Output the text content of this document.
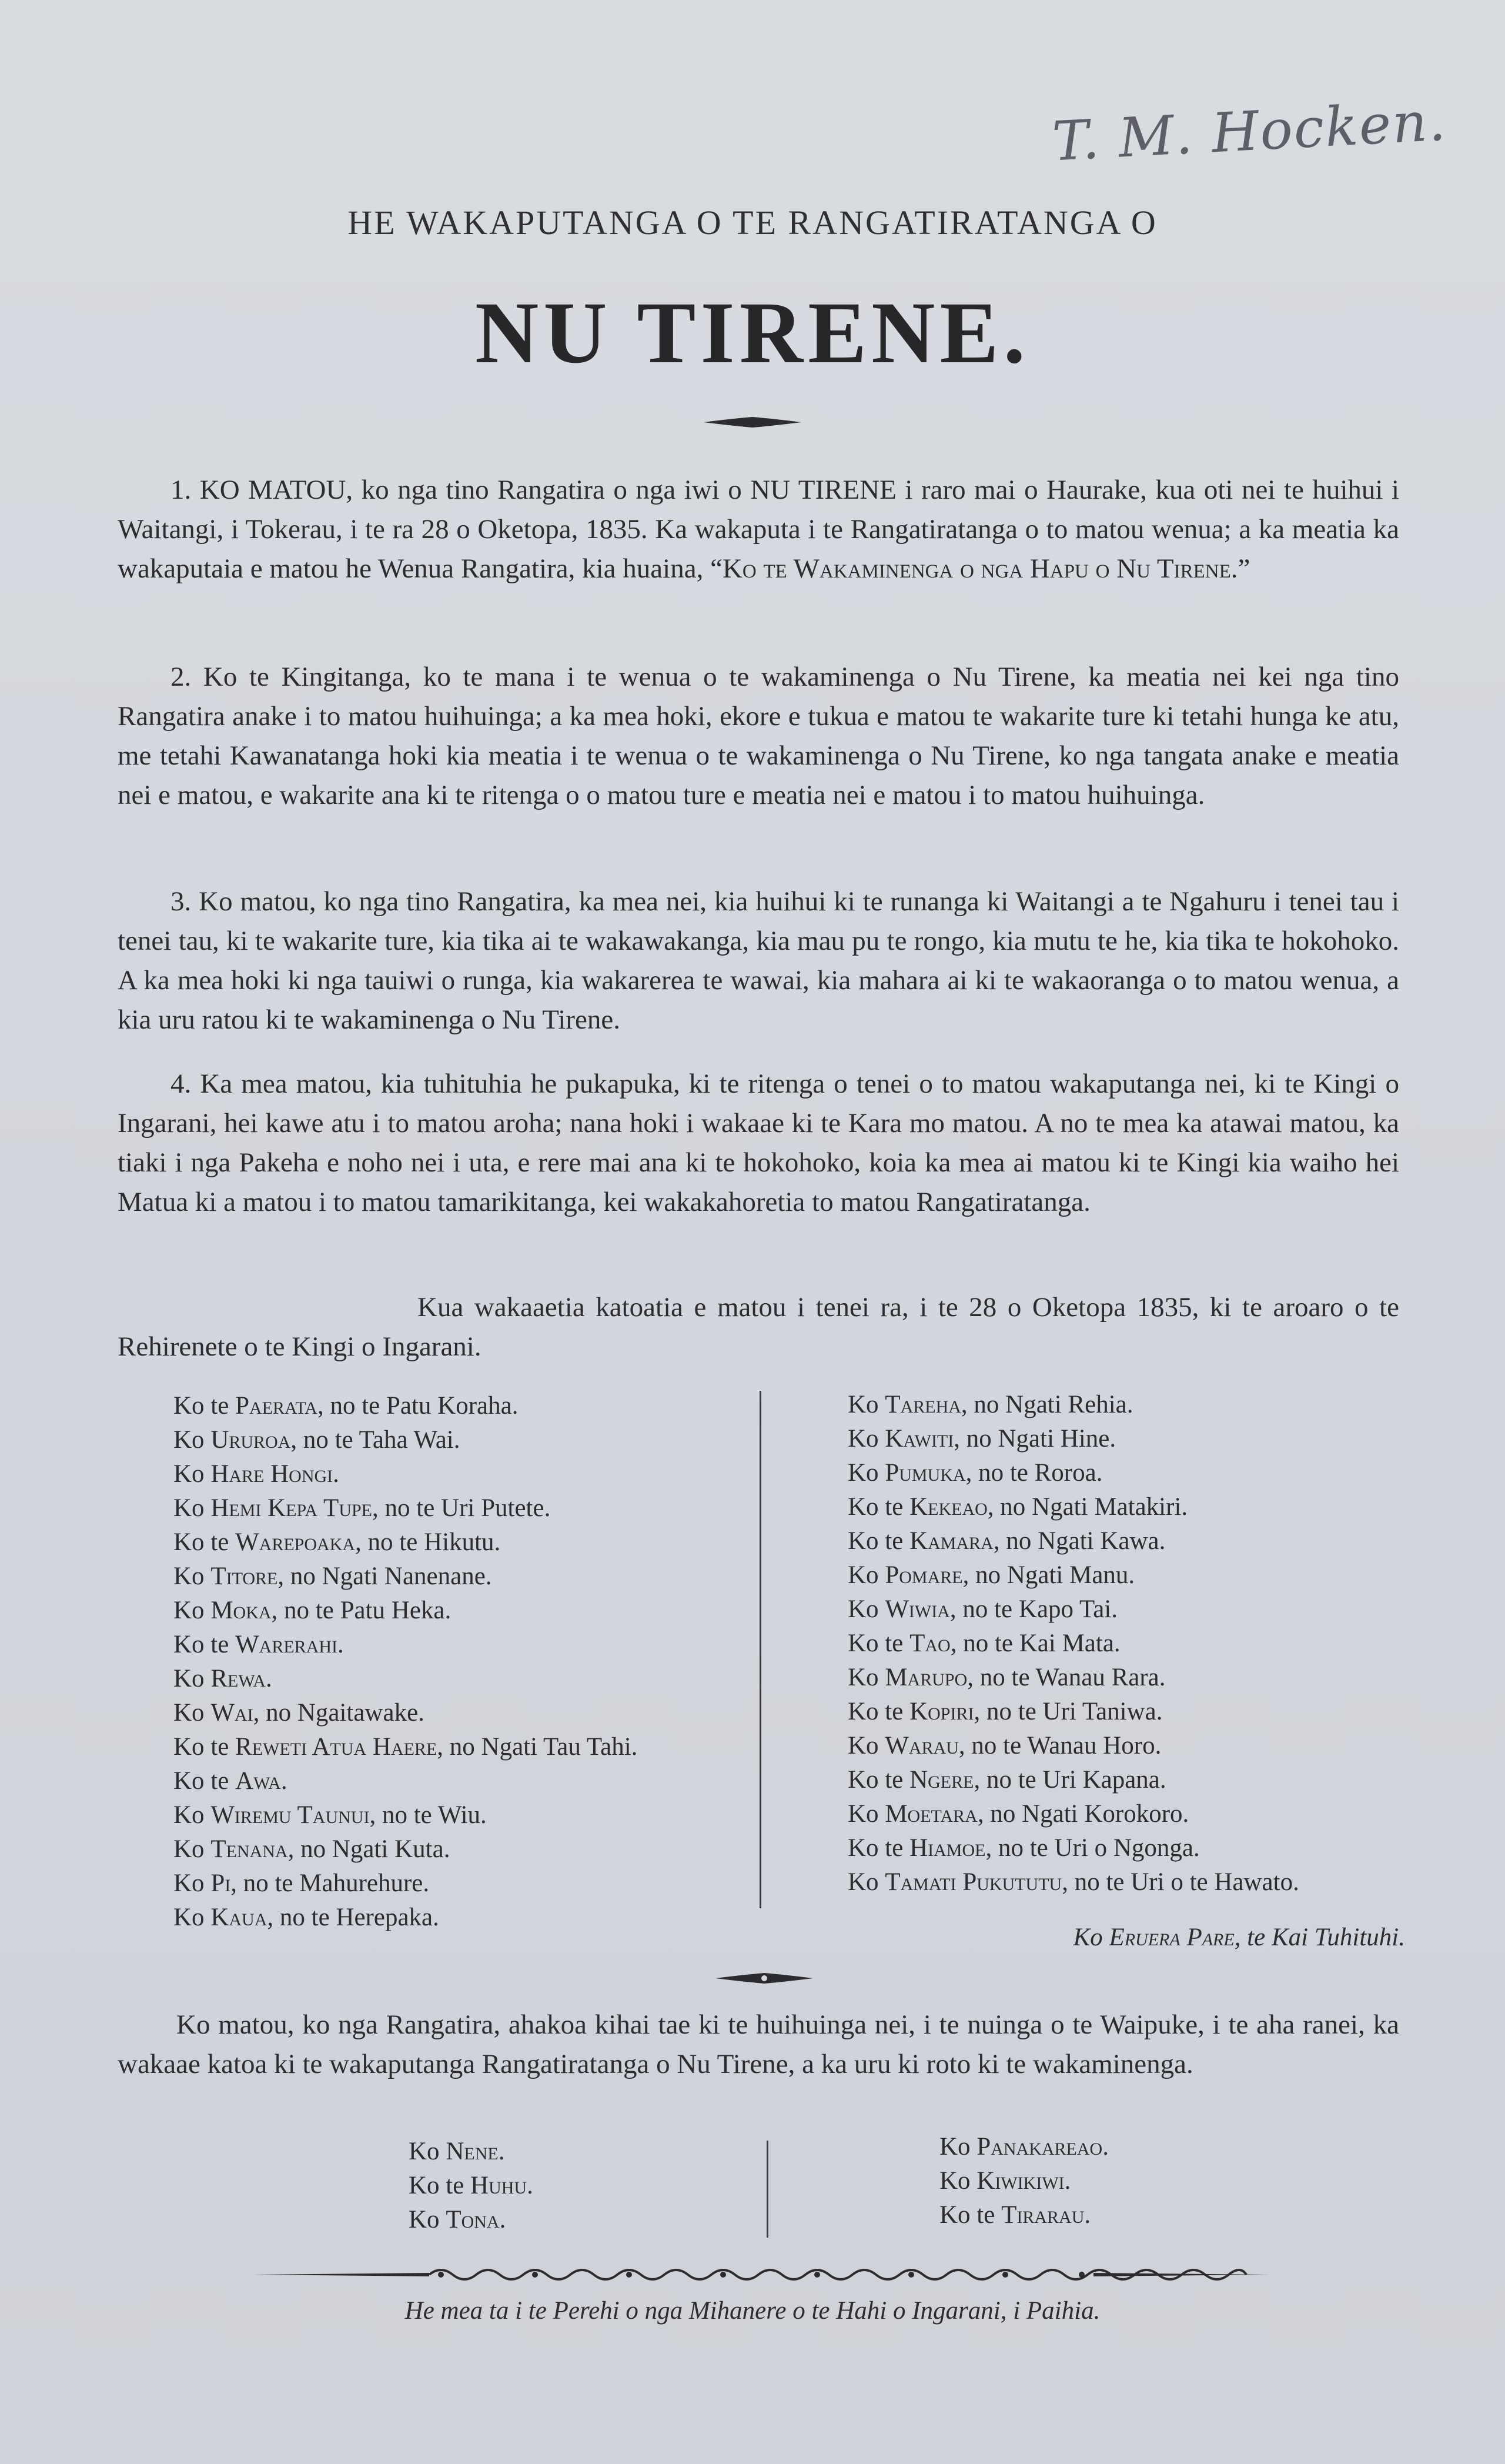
T. M. Hocken.
HE WAKAPUTANGA O TE RANGATIRATANGA O
NU TIRENE.
1. KO MATOU, ko nga tino Rangatira o nga iwi o NU TIRENE i raro mai o Haurake, kua oti nei te huihui i Waitangi, i Tokerau, i te ra 28 o Oketopa, 1835. Ka wakaputa i te Rangatiratanga o to matou wenua; a ka meatia ka wakaputaia e matou he Wenua Rangatira, kia huaina, “Ko te Wakaminenga o nga Hapu o Nu Tirene.”
2. Ko te Kingitanga, ko te mana i te wenua o te wakaminenga o Nu Tirene, ka meatia nei kei nga tino Rangatira anake i to matou huihuinga; a ka mea hoki, ekore e tukua e matou te wakarite ture ki tetahi hunga ke atu, me tetahi Kawanatanga hoki kia meatia i te wenua o te wakaminenga o Nu Tirene, ko nga tangata anake e meatia nei e matou, e wakarite ana ki te ritenga o o matou ture e meatia nei e matou i to matou huihuinga.
3. Ko matou, ko nga tino Rangatira, ka mea nei, kia huihui ki te runanga ki Waitangi a te Ngahuru i tenei tau i tenei tau, ki te wakarite ture, kia tika ai te wakawakanga, kia mau pu te rongo, kia mutu te he, kia tika te hokohoko. A ka mea hoki ki nga tauiwi o runga, kia wakarerea te wawai, kia mahara ai ki te wakaoranga o to matou wenua, a kia uru ratou ki te wakaminenga o Nu Tirene.
4. Ka mea matou, kia tuhituhia he pukapuka, ki te ritenga o tenei o to matou wakaputanga nei, ki te Kingi o Ingarani, hei kawe atu i to matou aroha; nana hoki i wakaae ki te Kara mo matou. A no te mea ka atawai matou, ka tiaki i nga Pakeha e noho nei i uta, e rere mai ana ki te hokohoko, koia ka mea ai matou ki te Kingi kia waiho hei Matua ki a matou i to matou tamarikitanga, kei wakakahoretia to matou Rangatiratanga.
Kua wakaaetia katoatia e matou i tenei ra, i te 28 o Oketopa 1835, ki te aroaro o te Rehirenete o te Kingi o Ingarani.
Ko te Paerata, no te Patu Koraha.
Ko Ururoa, no te Taha Wai.
Ko Hare Hongi.
Ko Hemi Kepa Tupe, no te Uri Putete.
Ko te Warepoaka, no te Hikutu.
Ko Titore, no Ngati Nanenane.
Ko Moka, no te Patu Heka.
Ko te Warerahi.
Ko Rewa.
Ko Wai, no Ngaitawake.
Ko te Reweti Atua Haere, no Ngati Tau Tahi.
Ko te Awa.
Ko Wiremu Taunui, no te Wiu.
Ko Tenana, no Ngati Kuta.
Ko Pi, no te Mahurehure.
Ko Kaua, no te Herepaka.
Ko Tareha, no Ngati Rehia.
Ko Kawiti, no Ngati Hine.
Ko Pumuka, no te Roroa.
Ko te Kekeao, no Ngati Matakiri.
Ko te Kamara, no Ngati Kawa.
Ko Pomare, no Ngati Manu.
Ko Wiwia, no te Kapo Tai.
Ko te Tao, no te Kai Mata.
Ko Marupo, no te Wanau Rara.
Ko te Kopiri, no te Uri Taniwa.
Ko Warau, no te Wanau Horo.
Ko te Ngere, no te Uri Kapana.
Ko Moetara, no Ngati Korokoro.
Ko te Hiamoe, no te Uri o Ngonga.
Ko Tamati Pukututu, no te Uri o te Hawato.
Ko Eruera Pare, te Kai Tuhituhi.
Ko matou, ko nga Rangatira, ahakoa kihai tae ki te huihuinga nei, i te nuinga o te Waipuke, i te aha ranei, ka wakaae katoa ki te wakaputanga Rangatiratanga o Nu Tirene, a ka uru ki roto ki te wakaminenga.
Ko Nene.
Ko te Huhu.
Ko Tona.
Ko Panakareao.
Ko Kiwikiwi.
Ko te Tirarau.
He mea ta i te Perehi o nga Mihanere o te Hahi o Ingarani, i Paihia.
